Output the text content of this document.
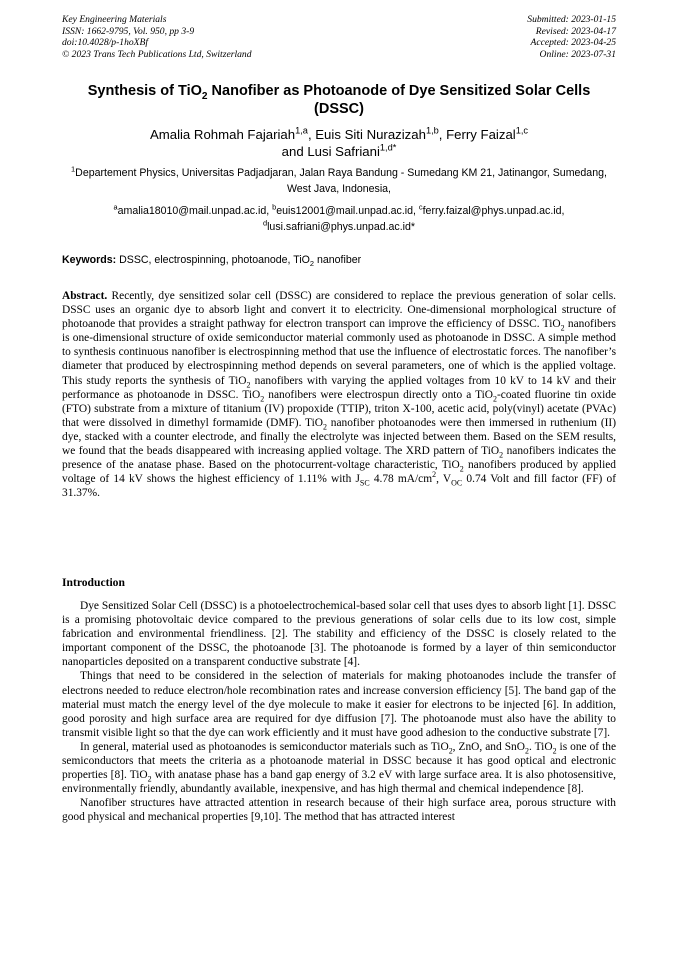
Key Engineering Materials
ISSN: 1662-9795, Vol. 950, pp 3-9
doi:10.4028/p-1hoXBf
© 2023 Trans Tech Publications Ltd, Switzerland
Submitted: 2023-01-15
Revised: 2023-04-17
Accepted: 2023-04-25
Online: 2023-07-31
Synthesis of TiO$_2$ Nanofiber as Photoanode of Dye Sensitized Solar Cells (DSSC)
Amalia Rohmah Fajariah$^{1,a}$, Euis Siti Nurazizah$^{1,b}$, Ferry Faizal$^{1,c}$
and Lusi Safriani$^{1,d*}$
$^1$Departement Physics, Universitas Padjadjaran, Jalan Raya Bandung - Sumedang KM 21, Jatinangor, Sumedang, West Java, Indonesia,
$^a$amalia18010@mail.unpad.ac.id, $^b$euis12001@mail.unpad.ac.id, $^c$ferry.faizal@phys.unpad.ac.id,
$^d$lusi.safriani@phys.unpad.ac.id*
Keywords: DSSC, electrospinning, photoanode, TiO$_2$ nanofiber
Abstract. Recently, dye sensitized solar cell (DSSC) are considered to replace the previous generation of solar cells. DSSC uses an organic dye to absorb light and convert it to electricity. One-dimensional morphological structure of photoanode that provides a straight pathway for electron transport can improve the efficiency of DSSC. TiO$_2$ nanofibers is one-dimensional structure of oxide semiconductor material commonly used as photoanode in DSSC. A simple method to synthesis continuous nanofiber is electrospinning method that use the influence of electrostatic forces. The nanofiber’s diameter that produced by electrospinning method depends on several parameters, one of which is the applied voltage. This study reports the synthesis of TiO$_2$ nanofibers with varying the applied voltages from 10 kV to 14 kV and their performance as photoanode in DSSC. TiO$_2$ nanofibers were electrospun directly onto a TiO$_2$-coated fluorine tin oxide (FTO) substrate from a mixture of titanium (IV) propoxide (TTIP), triton X-100, acetic acid, poly(vinyl) acetate (PVAc) that were dissolved in dimethyl formamide (DMF). TiO$_2$ nanofiber photoanodes were then immersed in ruthenium (II) dye, stacked with a counter electrode, and finally the electrolyte was injected between them. Based on the SEM results, we found that the beads disappeared with increasing applied voltage. The XRD pattern of TiO$_2$ nanofibers indicates the presence of the anatase phase. Based on the photocurrent-voltage characteristic, TiO$_2$ nanofibers produced by applied voltage of 14 kV shows the highest efficiency of 1.11% with $J_{SC}$ 4.78 $mA/cm^2$, $V_{OC}$ 0.74 Volt and fill factor (FF) of 31.37%.
Introduction

Dye Sensitized Solar Cell (DSSC) is a photoelectrochemical-based solar cell that uses dyes to absorb light [1]. DSSC is a promising photovoltaic device compared to the previous generations of solar cells due to its low cost, simple fabrication and environmental friendliness. [2]. The stability and efficiency of the DSSC is closely related to the important component of the DSSC, the photoanode [3]. The photoanode is formed by a layer of thin semiconductor nanoparticles deposited on a transparent conductive substrate [4].

Things that need to be considered in the selection of materials for making photoanodes include the transfer of electrons needed to reduce electron/hole recombination rates and increase conversion efficiency [5]. The band gap of the material must match the energy level of the dye molecule to make it easier for electrons to be injected [6]. In addition, good porosity and high surface area are required for dye diffusion [7]. The photoanode must also have the ability to transmit visible light so that the dye can work efficiently and it must have good adhesion to the conductive substrate [7].

In general, material used as photoanodes is semiconductor materials such as TiO$_2$, ZnO, and SnO$_2$. TiO$_2$ is one of the semiconductors that meets the criteria as a photoanode material in DSSC because it has good optical and electronic properties [8]. TiO$_2$ with anatase phase has a band gap energy of 3.2 eV with large surface area. It is also photosensitive, environmentally friendly, abundantly available, inexpensive, and has high thermal and chemical independence [8].

Nanofiber structures have attracted attention in research because of their high surface area, porous structure with good physical and mechanical properties [9,10]. The method that has attracted interest
